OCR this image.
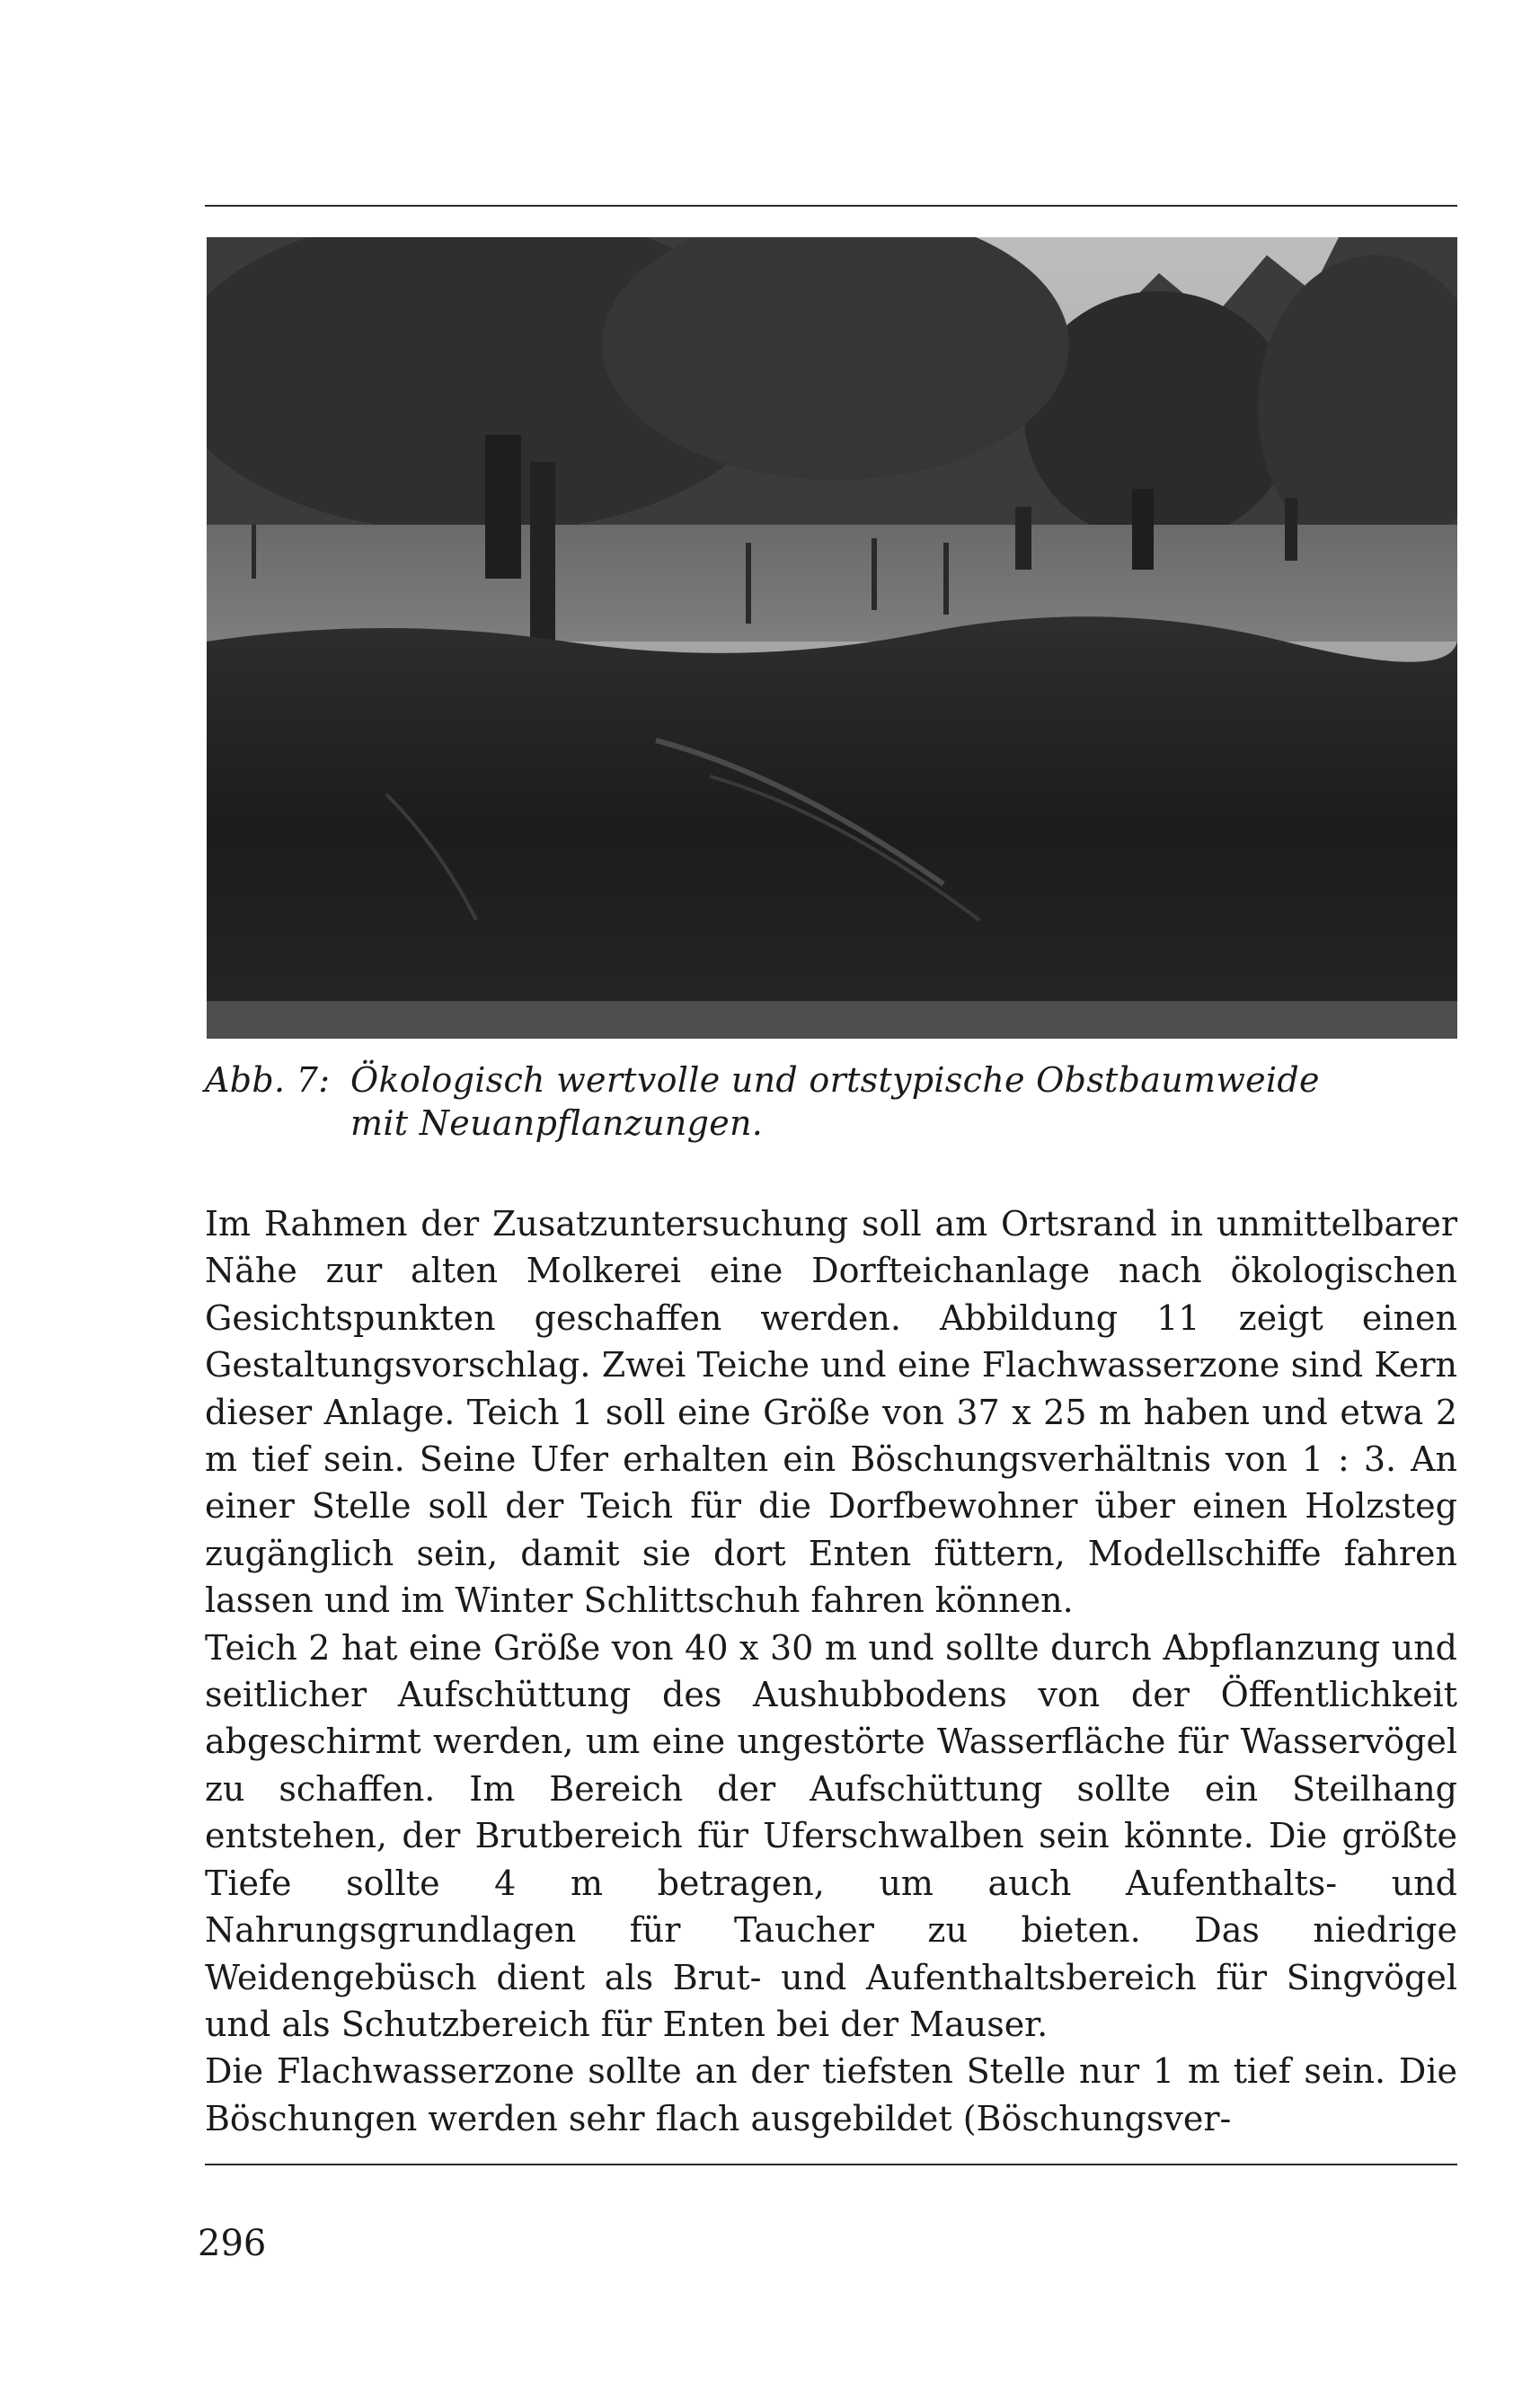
Abb. 7: Ökologisch wertvolle und ortstypische Obstbaumweide
mit Neuanpflanzungen.

Im Rahmen der Zusatzuntersuchung soll am Ortsrand in unmittelbarer Nähe zur alten Molkerei eine Dorfteichanlage nach ökologischen Gesichtspunkten geschaffen werden. Abbildung 11 zeigt einen Gestaltungsvorschlag. Zwei Teiche und eine Flachwasserzone sind Kern dieser Anlage. Teich 1 soll eine Größe von 37 x 25 m haben und etwa 2 m tief sein. Seine Ufer erhalten ein Böschungsverhältnis von 1 : 3. An einer Stelle soll der Teich für die Dorfbewohner über einen Holzsteg zugänglich sein, damit sie dort Enten füttern, Modellschiffe fahren lassen und im Winter Schlittschuh fahren können.

Teich 2 hat eine Größe von 40 x 30 m und sollte durch Abpflanzung und seitlicher Aufschüttung des Aushubbodens von der Öffentlichkeit abgeschirmt werden, um eine ungestörte Wasserfläche für Wasservögel zu schaffen. Im Bereich der Aufschüttung sollte ein Steilhang entstehen, der Brutbereich für Uferschwalben sein könnte. Die größte Tiefe sollte 4 m betragen, um auch Aufenthalts- und Nahrungsgrundlagen für Taucher zu bieten. Das niedrige Weidengebüsch dient als Brut- und Aufenthaltsbereich für Singvögel und als Schutzbereich für Enten bei der Mauser.

Die Flachwasserzone sollte an der tiefsten Stelle nur 1 m tief sein. Die Böschungen werden sehr flach ausgebildet (Böschungsver-

296
